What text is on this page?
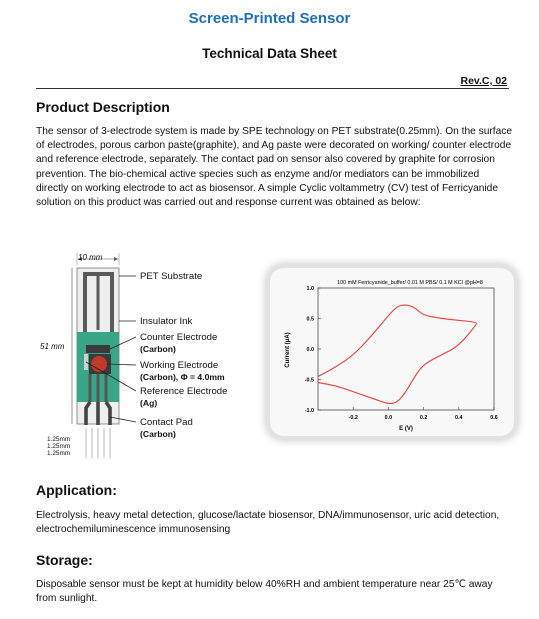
Screen-Printed Sensor
Technical Data Sheet
Rev.C, 02
Product Description
The sensor of 3-electrode system is made by SPE technology on PET substrate(0.25mm). On the surface of electrodes, porous carbon paste(graphite), and Ag paste were decorated on working/ counter electrode and reference electrode, separately. The contact pad on sensor also covered by graphite for corrosion prevention. The bio-chemical active species such as enzyme and/or mediators can be immobilized directly on working electrode to act as biosensor. A simple Cyclic voltammetry (CV) test of Ferricyanide solution on this product was carried out and response current was obtained as below:
10 mm
51 mm
1.25mm
1.25mm
1.25mm
PET Substrate
Insulator Ink
Counter Electrode
(Carbon)
Working Electrode
(Carbon), Φ = 4.0mm
Reference Electrode
(Ag)
Contact Pad
(Carbon)
100 mM Ferricyanide_buffer/ 0.01 M PBS/ 0.1 M KCl @pH=8
1.0
0.5
0.0
-0.5
-1.0
-0.2	0.0	0.2	0.4	0.6
Current (μA)
E (V)
Application:
Electrolysis, heavy metal detection, glucose/lactate biosensor, DNA/immunosensor, uric acid detection, electrochemiluminescence immunosensing
Storage:
Disposable sensor must be kept at humidity below 40%RH and ambient temperature near 25℃ away from sunlight.
